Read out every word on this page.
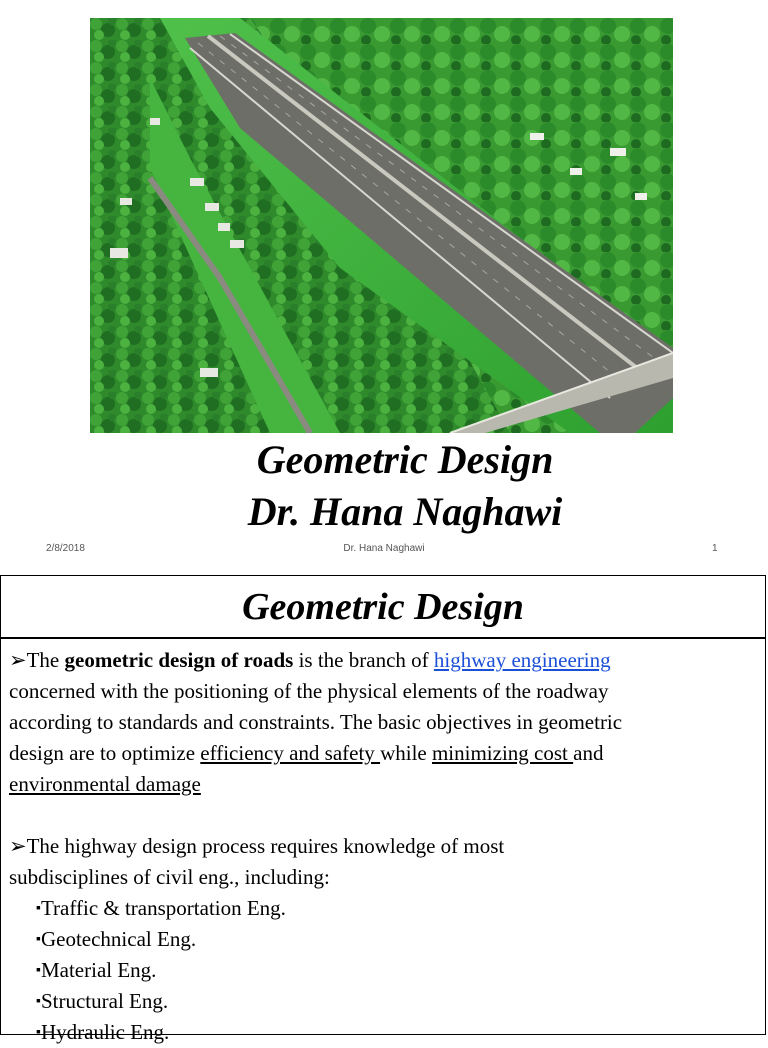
Geometric Design
Dr. Hana Naghawi
2/8/2018	Dr. Hana Naghawi	1
Geometric Design

➢The geometric design of roads is the branch of highway engineering
concerned with the positioning of the physical elements of the roadway
according to standards and constraints. The basic objectives in geometric
design are to optimize efficiency and safety while minimizing cost and
environmental damage

➢The highway design process requires knowledge of most
subdisciplines of civil eng., including:

▪Traffic & transportation Eng.
▪Geotechnical Eng.
▪Material Eng.
▪Structural Eng.
▪Hydraulic Eng.
